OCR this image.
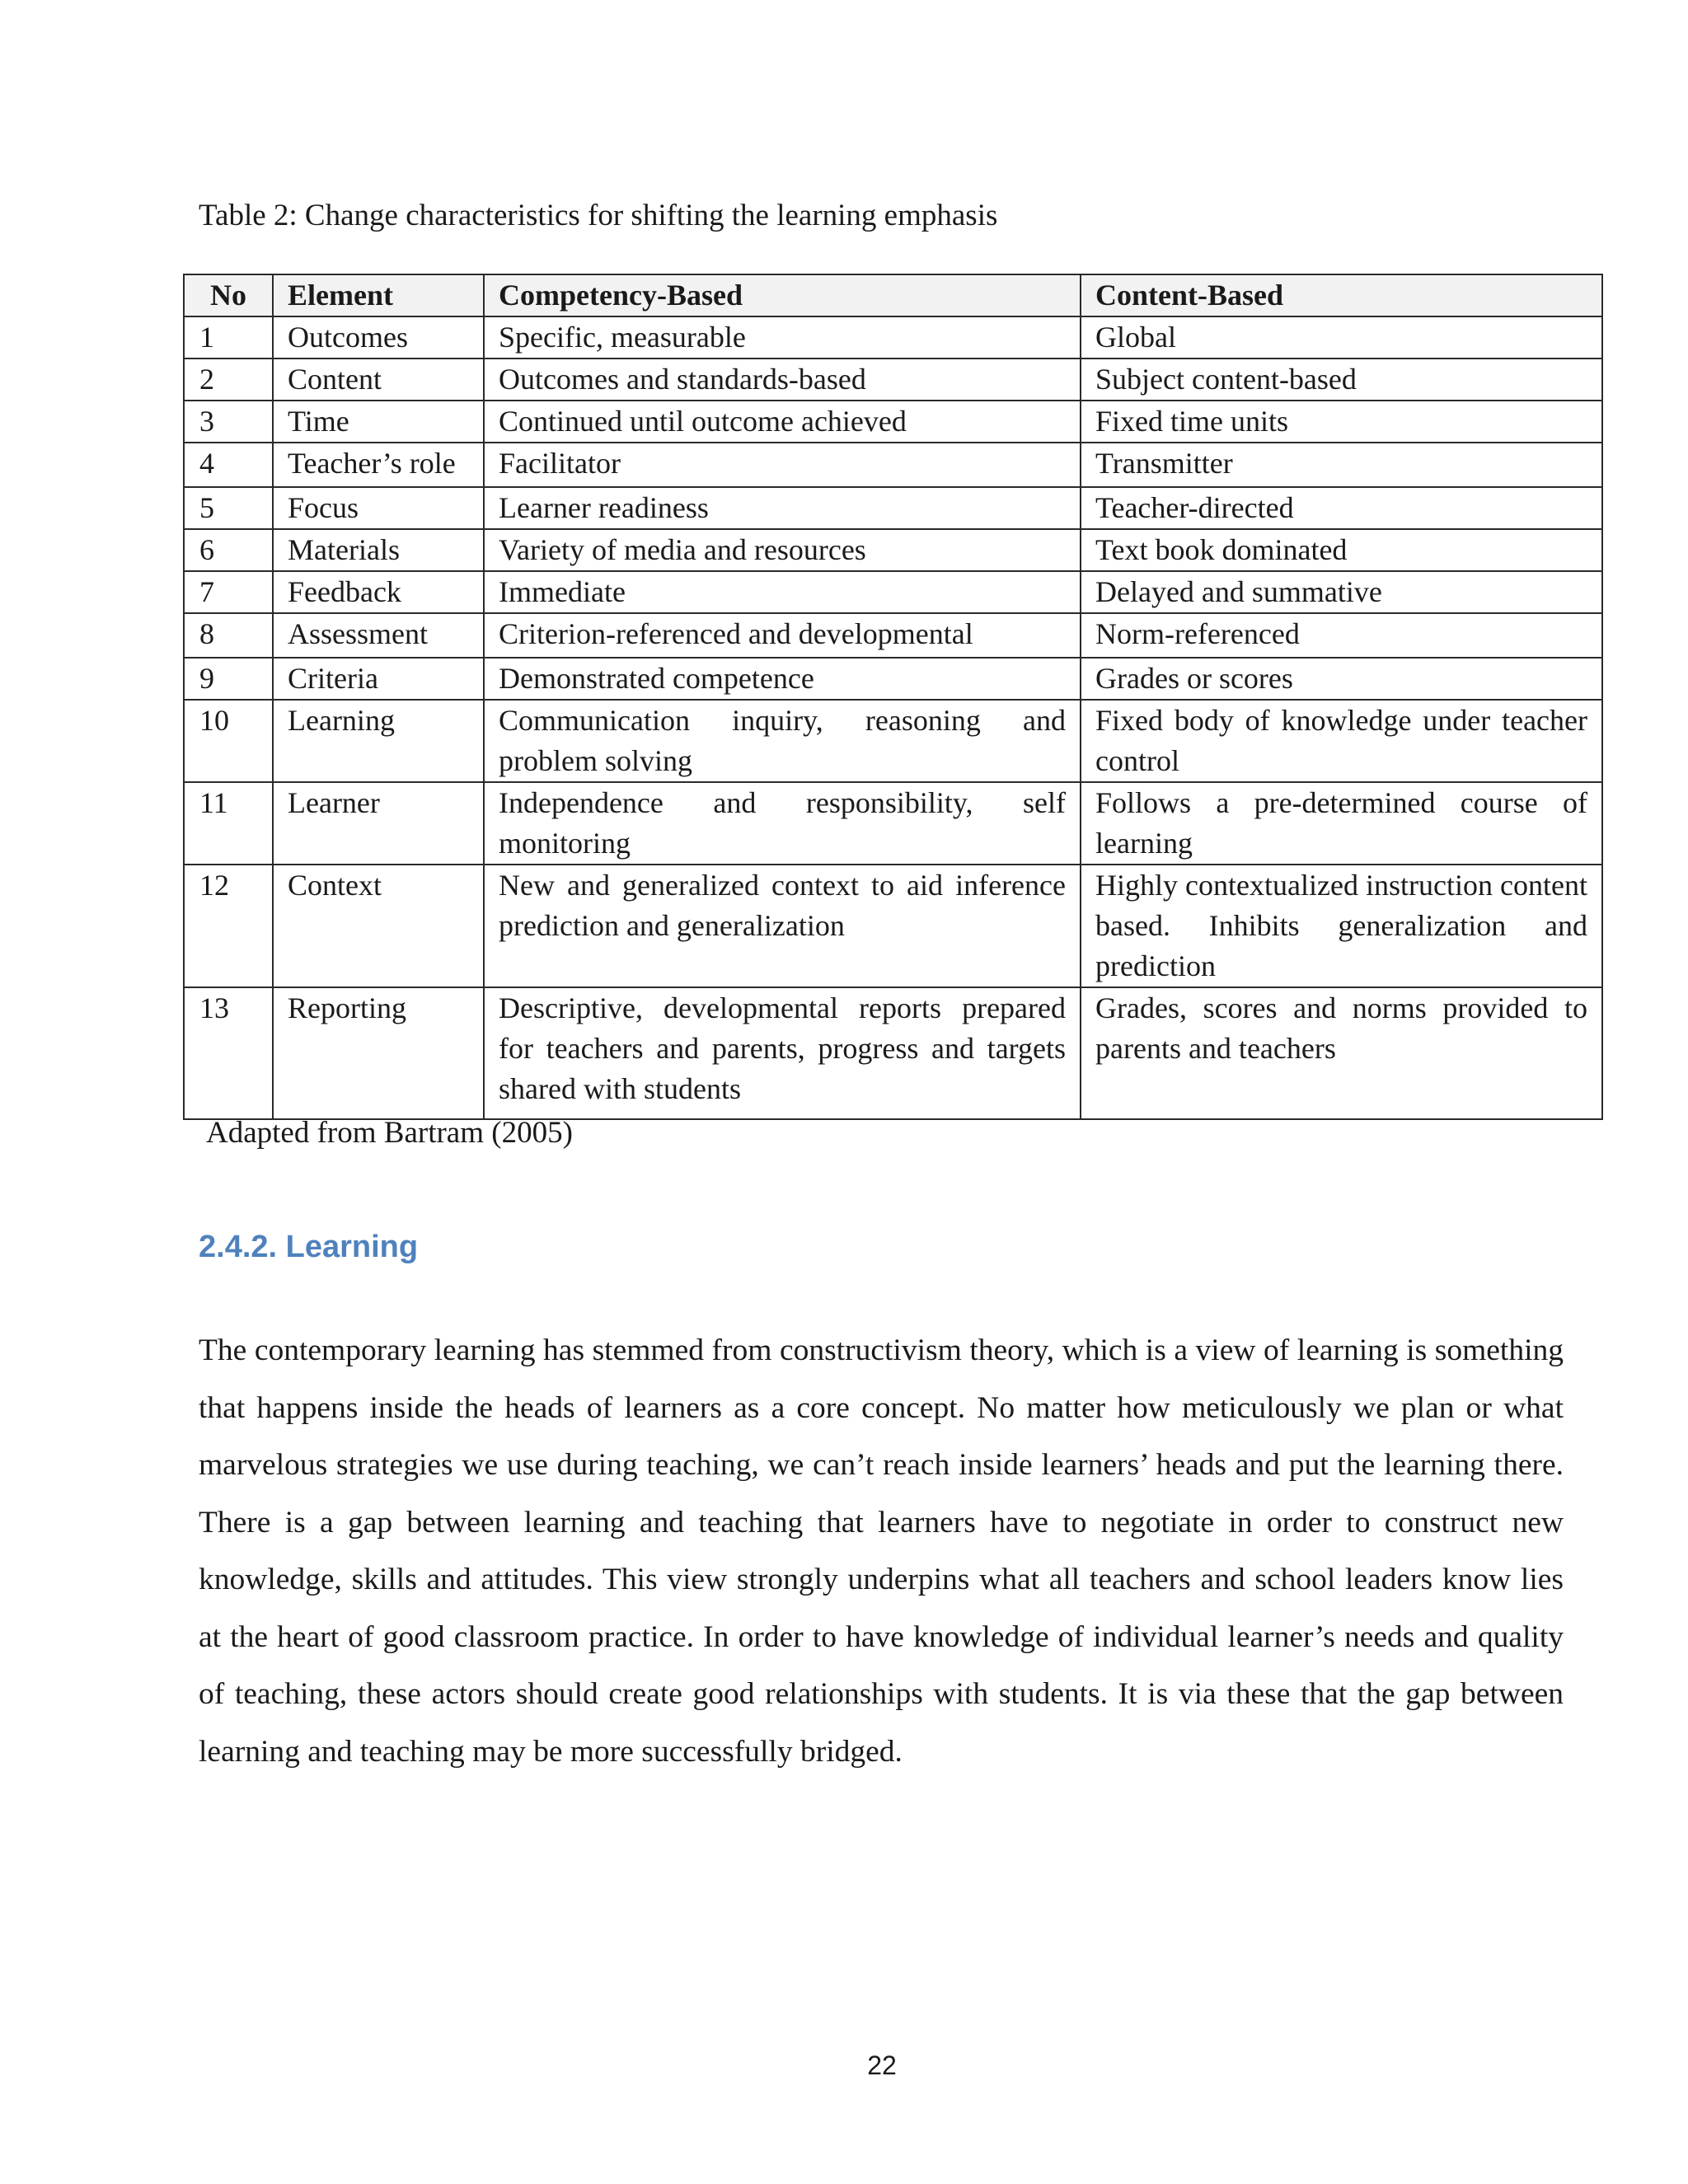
Table 2: Change characteristics for shifting the learning emphasis
No	Element	Competency-Based	Content-Based
1	Outcomes	Specific, measurable	Global
2	Content	Outcomes and standards-based	Subject content-based
3	Time	Continued until outcome achieved	Fixed time units
4	Teacher’s role	Facilitator	Transmitter
5	Focus	Learner readiness	Teacher-directed
6	Materials	Variety of media and resources	Text book dominated
7	Feedback	Immediate	Delayed and summative
8	Assessment	Criterion-referenced and developmental	Norm-referenced
9	Criteria	Demonstrated competence	Grades or scores
10	Learning	Communication inquiry, reasoning and problem solving	Fixed body of knowledge under teacher control
11	Learner	Independence and responsibility, self monitoring	Follows a pre-determined course of learning
12	Context	New and generalized context to aid inference prediction and generalization	Highly contextualized instruction content based. Inhibits generalization and prediction
13	Reporting	Descriptive, developmental reports prepared for teachers and parents, progress and targets shared with students	Grades, scores and norms provided to parents and teachers
Adapted from Bartram (2005)
2.4.2. Learning

The contemporary learning has stemmed from constructivism theory, which is a view of learning is something that happens inside the heads of learners as a core concept. No matter how meticulously we plan or what marvelous strategies we use during teaching, we can’t reach inside learners’ heads and put the learning there. There is a gap between learning and teaching that learners have to negotiate in order to construct new knowledge, skills and attitudes. This view strongly underpins what all teachers and school leaders know lies at the heart of good classroom practice. In order to have knowledge of individual learner’s needs and quality of teaching, these actors should create good relationships with students. It is via these that the gap between learning and teaching may be more successfully bridged.

22
